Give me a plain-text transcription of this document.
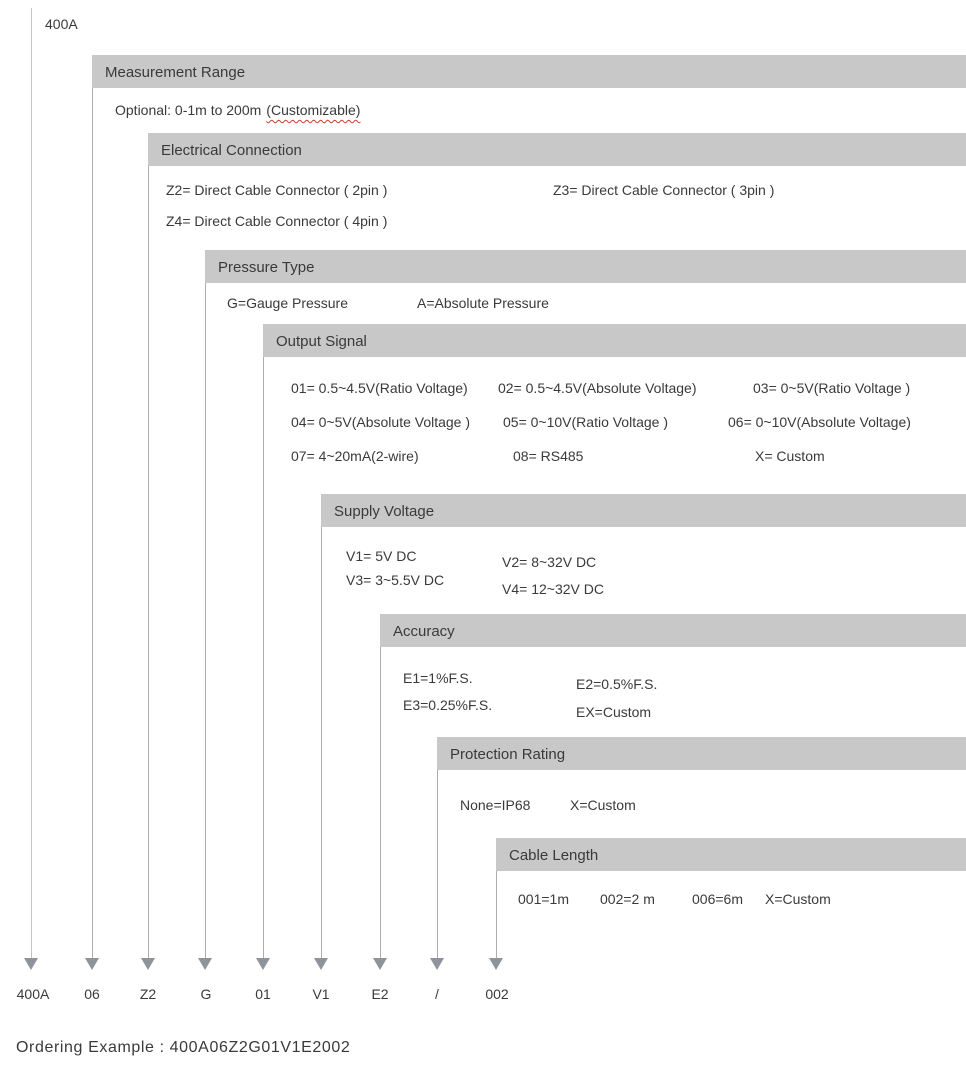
400A
Measurement Range
Optional: 0-1m to 200m (Customizable)
Electrical Connection
Z2= Direct Cable Connector ( 2pin )	Z3= Direct Cable Connector ( 3pin )
Z4= Direct Cable Connector ( 4pin )
Pressure Type
G=Gauge Pressure	A=Absolute Pressure
Output Signal
01= 0.5~4.5V(Ratio Voltage) 02= 0.5~4.5V(Absolute Voltage)	03= 0~5V(Ratio Voltage )
04= 0~5V(Absolute Voltage ) 05= 0~10V(Ratio Voltage )	06= 0~10V(Absolute Voltage)
07= 4~20mA(2-wire)	08= RS485	X= Custom
Supply Voltage
V1= 5V DC	V2= 8~32V DC
V3= 3~5.5V DC
V4= 12~32V DC
Accuracy
E1=1%F.S.	E2=0.5%F.S.
E3=0.25%F.S.	EX=Custom
Protection Rating
None=IP68	X=Custom
Cable Length
001=1m 002=2 m	006=6m X=Custom
400A 06	Z2	G	01	V1	E2	/	002
Ordering Example : 400A06Z2G01V1E2002
